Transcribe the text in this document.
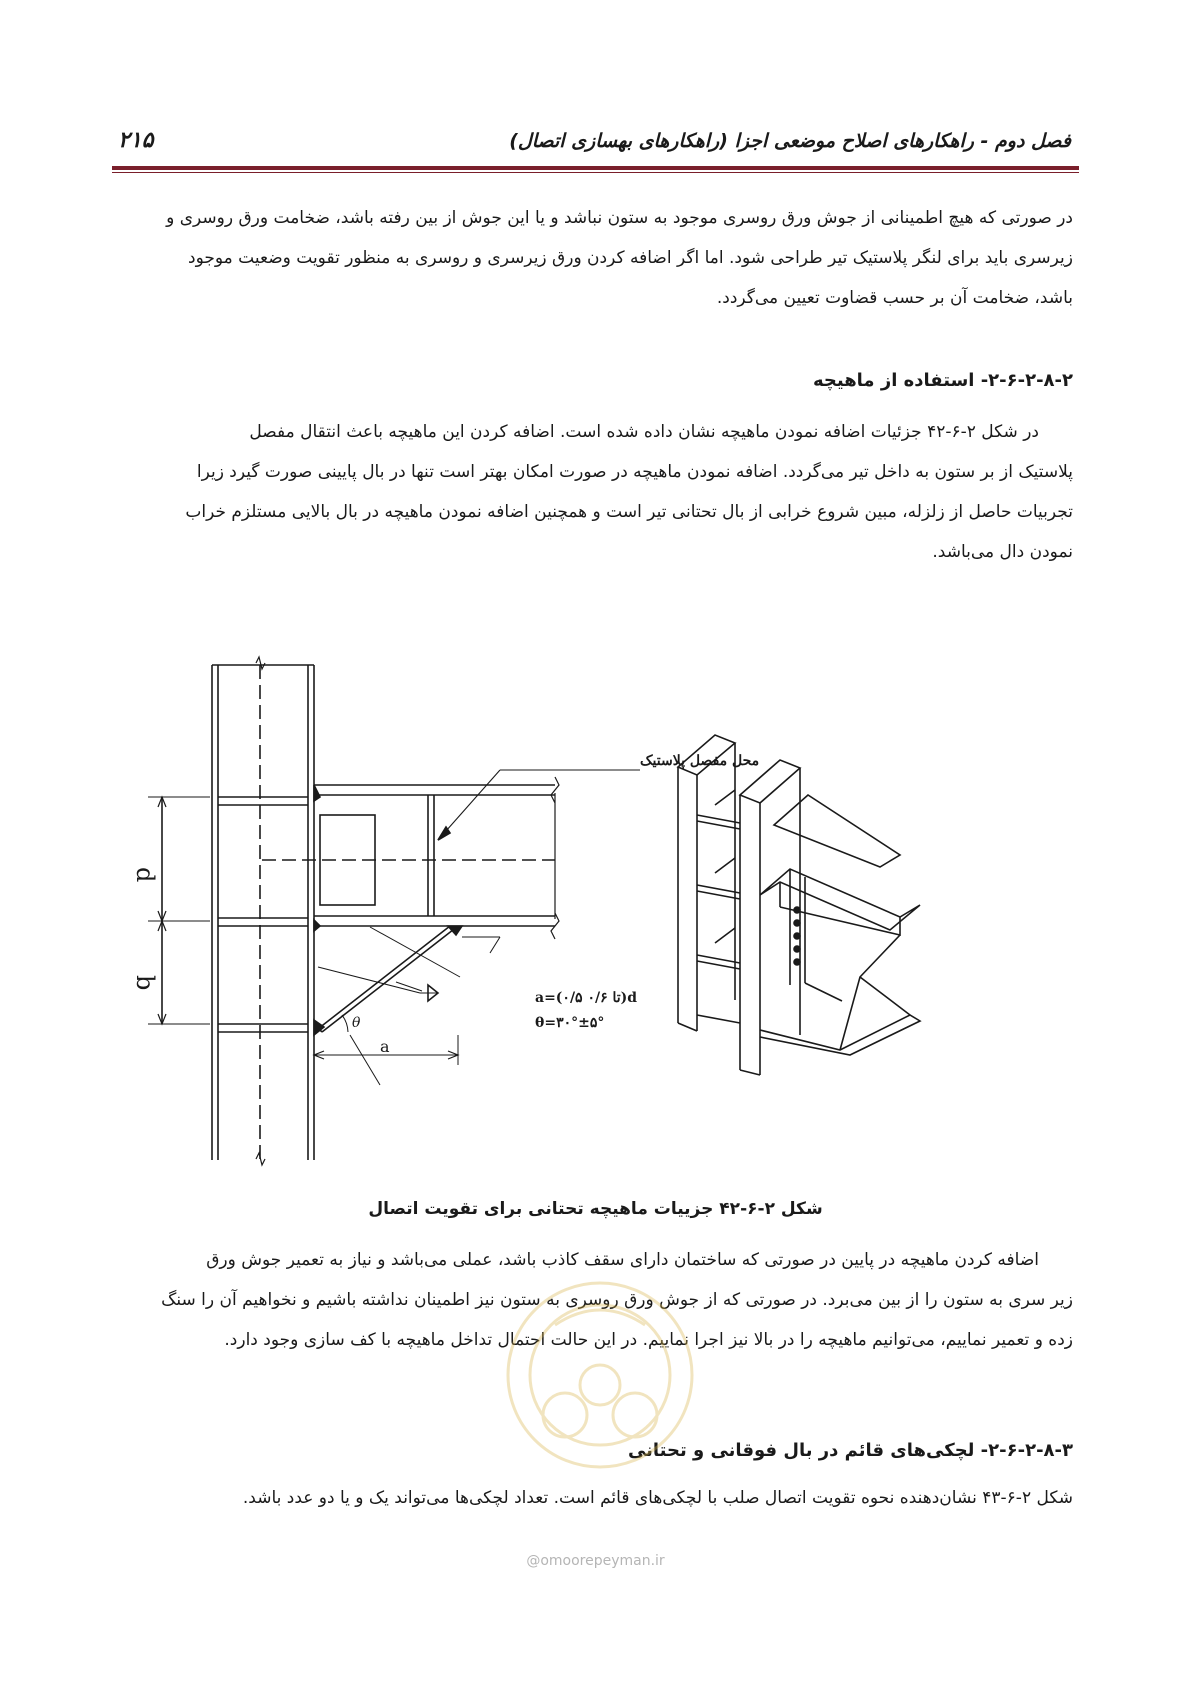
فصل دوم - راهکارهای اصلاح موضعی اجزا (راهکارهای بهسازی اتصال)
۲۱۵
در صورتی که هیچ اطمینانی از جوش ورق روسری موجود به ستون نباشد و یا این جوش از بین رفته باشد، ضخامت ورق روسری و
زیرسری باید برای لنگر پلاستیک تیر طراحی شود. اما اگر اضافه کردن ورق زیرسری و روسری به منظور تقویت وضعیت موجود
باشد، ضخامت آن بر حسب قضاوت تعیین می‌گردد.
۲-۶-۲-۸-۲- استفاده از ماهیچه
در شکل ۲-۶-۴۲ جزئیات اضافه نمودن ماهیچه نشان داده شده است. اضافه کردن این ماهیچه باعث انتقال مفصل
پلاستیک از بر ستون به داخل تیر می‌گردد. اضافه نمودن ماهیچه در صورت امکان بهتر است تنها در بال پایینی صورت گیرد زیرا
تجربیات حاصل از زلزله، مبین شروع خرابی از بال تحتانی تیر است و همچنین اضافه نمودن ماهیچه در بال بالایی مستلزم خراب
نمودن دال می‌باشد.
d
b
a
θ
محل مفصل پلاستیک
a=(۰/۵ تا ۰/۶)d
θ=۳۰°±۵°
شکل ۲-۶-۴۲ جزییات ماهیچه تحتانی برای تقویت اتصال
اضافه کردن ماهیچه در پایین در صورتی که ساختمان دارای سقف کاذب باشد، عملی می‌باشد و نیاز به تعمیر جوش ورق
زیر سری به ستون را از بین می‌برد. در صورتی که از جوش ورق روسری به ستون نیز اطمینان نداشته باشیم و نخواهیم آن را سنگ
زده و تعمیر نماییم، می‌توانیم ماهیچه را در بالا نیز اجرا نماییم. در این حالت احتمال تداخل ماهیچه با کف سازی وجود دارد.
۲-۶-۲-۸-۳- لچکی‌های قائم در بال فوقانی و تحتانی
شکل ۲-۶-۴۳ نشان‌دهنده نحوه تقویت اتصال صلب با لچکی‌های قائم است. تعداد لچکی‌ها می‌تواند یک و یا دو عدد باشد.
@omoorepeyman.ir
